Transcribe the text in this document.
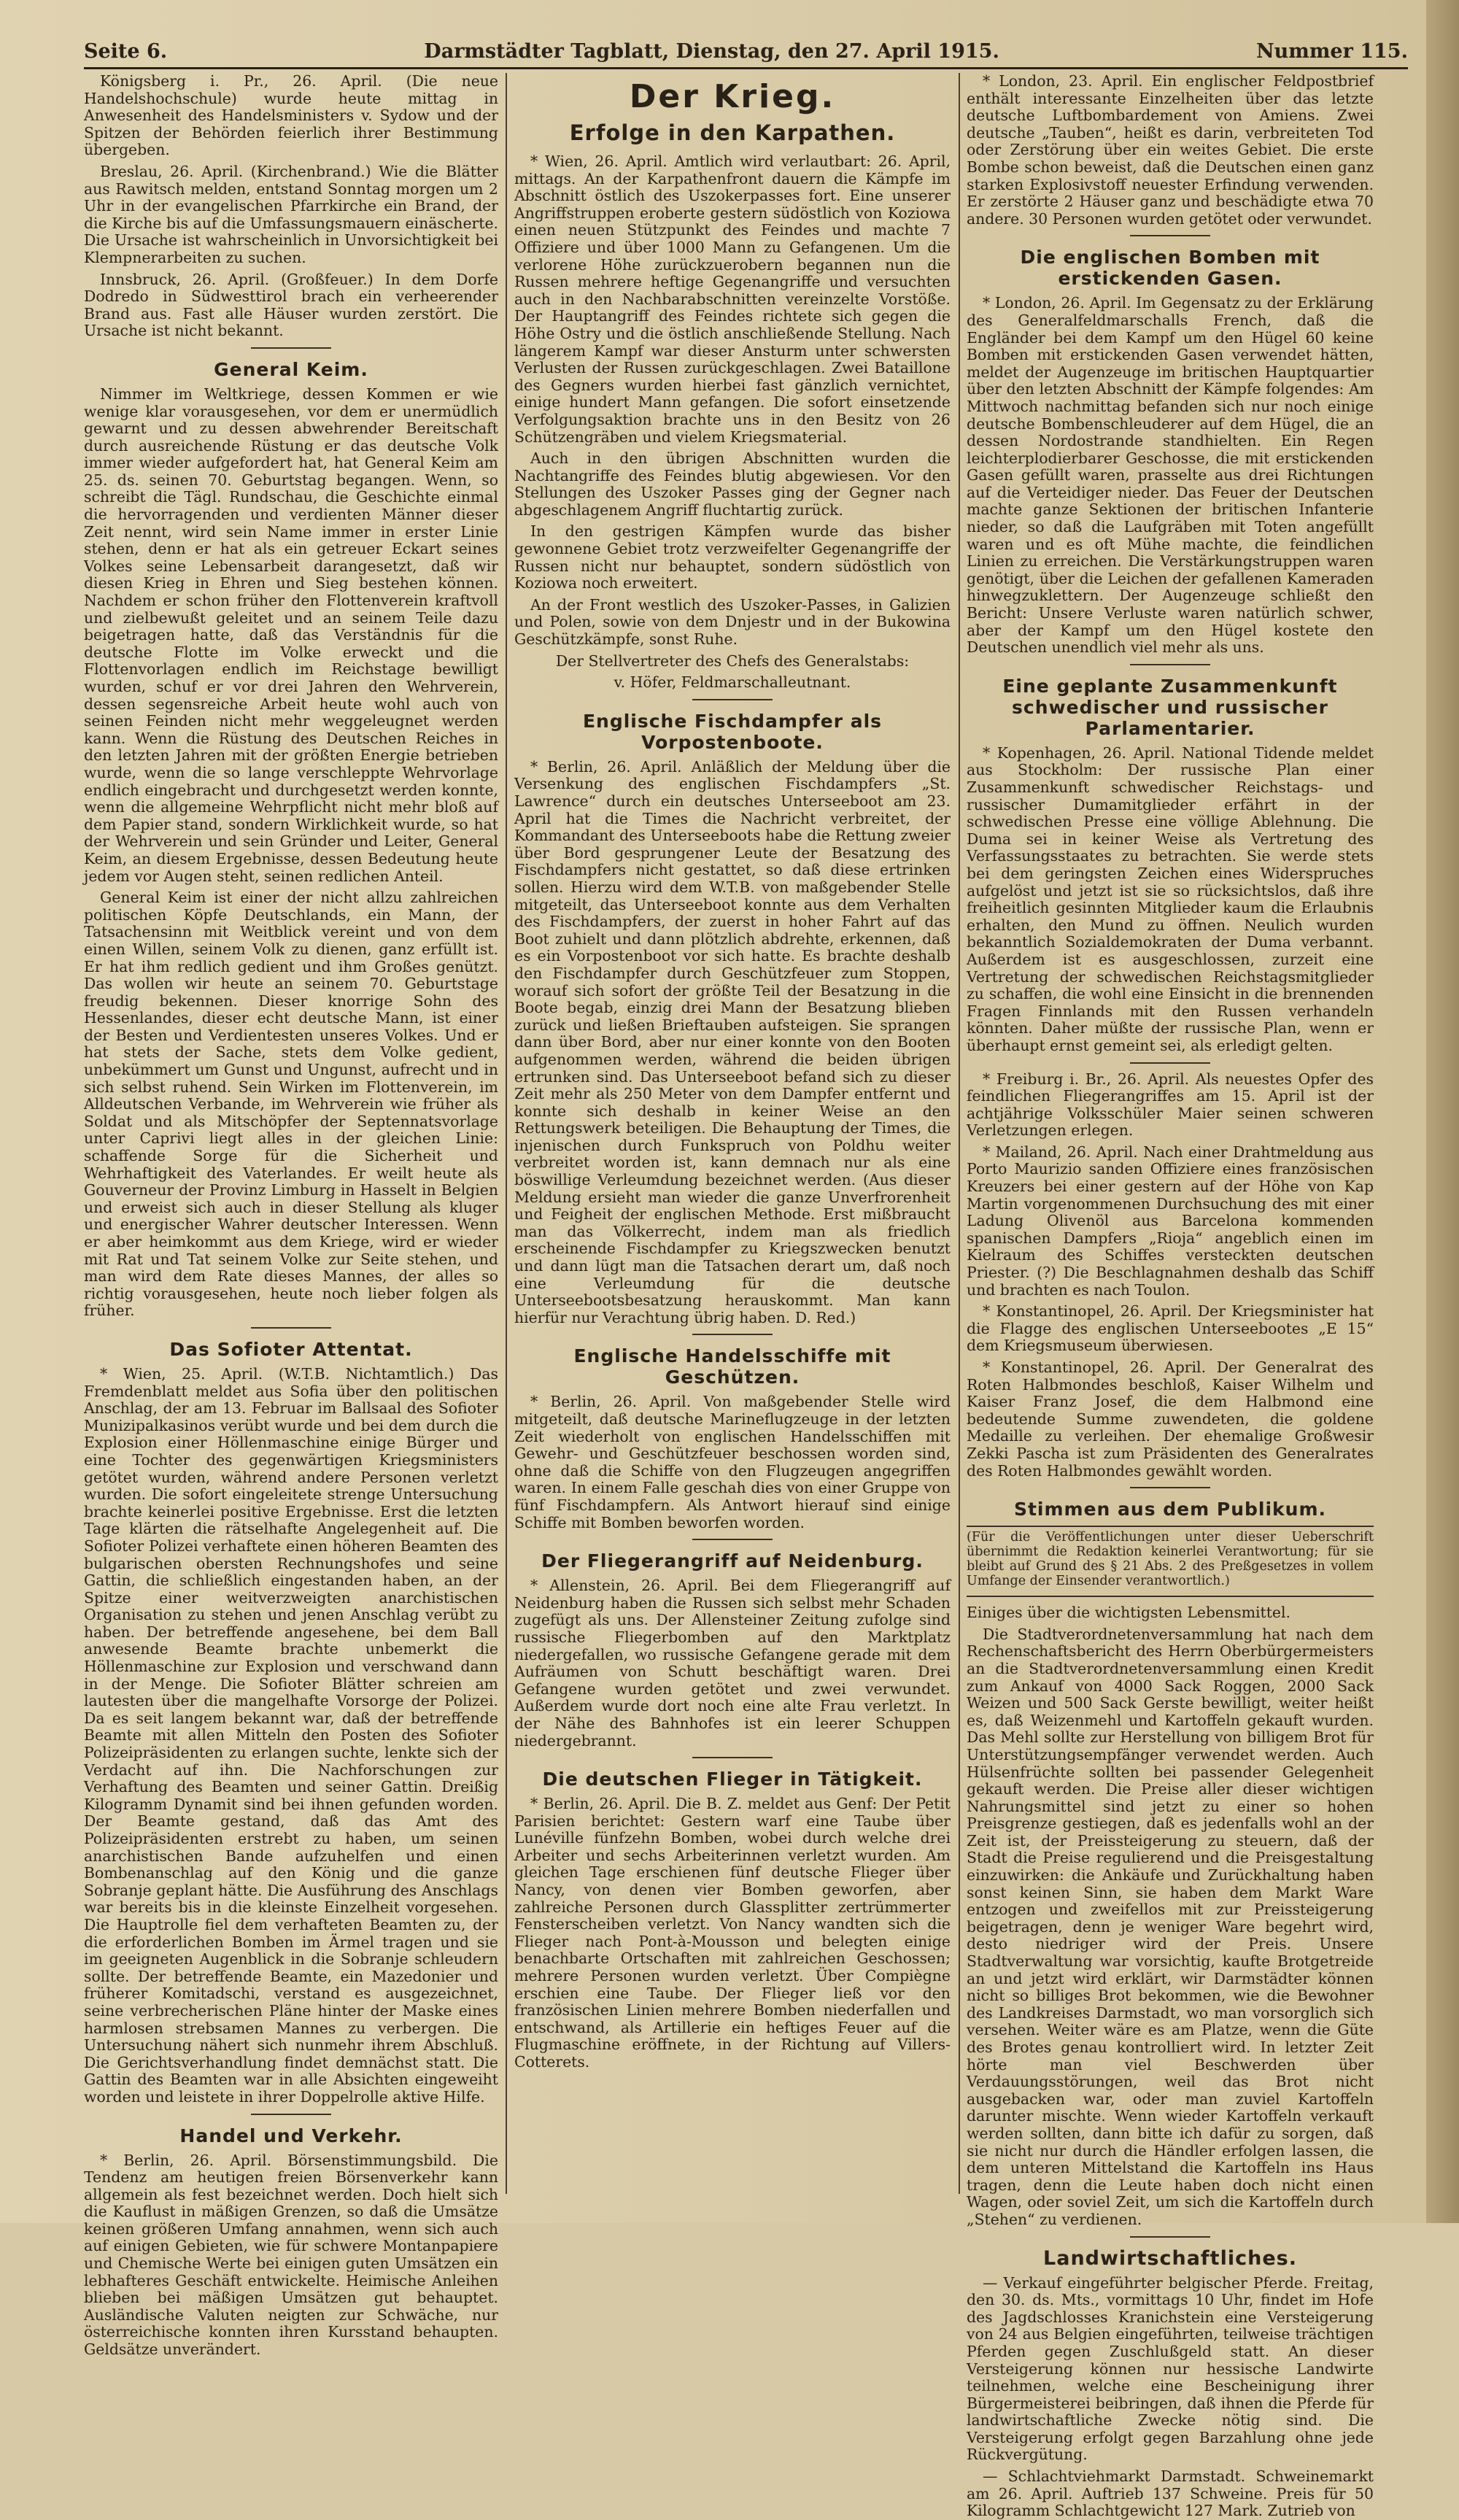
Seite 6.	Darmstädter Tagblatt, Dienstag, den 27. April 1915.	Nummer 115.

Königsberg i. Pr., 26. April. (Die neue Handelshochschule) wurde heute mittag in Anwesenheit des Handelsministers v. Sydow und der Spitzen der Behörden feierlich ihrer Bestimmung übergeben.

Breslau, 26. April. (Kirchenbrand.) Wie die Blätter aus Rawitsch melden, entstand Sonntag morgen um 2 Uhr in der evangelischen Pfarrkirche ein Brand, der die Kirche bis auf die Umfassungsmauern einäscherte. Die Ursache ist wahrscheinlich in Unvorsichtigkeit bei Klempnerarbeiten zu suchen.

Innsbruck, 26. April. (Großfeuer.) In dem Dorfe Dodredo in Südwesttirol brach ein verheerender Brand aus. Fast alle Häuser wurden zerstört. Die Ursache ist nicht bekannt.

General Keim.

Nimmer im Weltkriege, dessen Kommen er wie wenige klar vorausgesehen, vor dem er unermüdlich gewarnt und zu dessen abwehrender Bereitschaft durch ausreichende Rüstung er das deutsche Volk immer wieder aufgefordert hat, hat General Keim am 25. ds. seinen 70. Geburtstag begangen. Wenn, so schreibt die Tägl. Rundschau, die Geschichte einmal die hervorragenden und verdienten Männer dieser Zeit nennt, wird sein Name immer in erster Linie stehen, denn er hat als ein getreuer Eckart seines Volkes seine Lebensarbeit darangesetzt, daß wir diesen Krieg in Ehren und Sieg bestehen können. Nachdem er schon früher den Flottenverein kraftvoll und zielbewußt geleitet und an seinem Teile dazu beigetragen hatte, daß das Verständnis für die deutsche Flotte im Volke erweckt und die Flottenvorlagen endlich im Reichstage bewilligt wurden, schuf er vor drei Jahren den Wehrverein, dessen segensreiche Arbeit heute wohl auch von seinen Feinden nicht mehr weggeleugnet werden kann. Wenn die Rüstung des Deutschen Reiches in den letzten Jahren mit der größten Energie betrieben wurde, wenn die so lange verschleppte Wehrvorlage endlich eingebracht und durchgesetzt werden konnte, wenn die allgemeine Wehrpflicht nicht mehr bloß auf dem Papier stand, sondern Wirklichkeit wurde, so hat der Wehrverein und sein Gründer und Leiter, General Keim, an diesem Ergebnisse, dessen Bedeutung heute jedem vor Augen steht, seinen redlichen Anteil.

General Keim ist einer der nicht allzu zahlreichen politischen Köpfe Deutschlands, ein Mann, der Tatsachensinn mit Weitblick vereint und von dem einen Willen, seinem Volk zu dienen, ganz erfüllt ist. Er hat ihm redlich gedient und ihm Großes genützt. Das wollen wir heute an seinem 70. Geburtstage freudig bekennen. Dieser knorrige Sohn des Hessenlandes, dieser echt deutsche Mann, ist einer der Besten und Verdientesten unseres Volkes. Und er hat stets der Sache, stets dem Volke gedient, unbekümmert um Gunst und Ungunst, aufrecht und in sich selbst ruhend. Sein Wirken im Flottenverein, im Alldeutschen Verbande, im Wehrverein wie früher als Soldat und als Mitschöpfer der Septennatsvorlage unter Caprivi liegt alles in der gleichen Linie: schaffende Sorge für die Sicherheit und Wehrhaftigkeit des Vaterlandes. Er weilt heute als Gouverneur der Provinz Limburg in Hasselt in Belgien und erweist sich auch in dieser Stellung als kluger und energischer Wahrer deutscher Interessen. Wenn er aber heimkommt aus dem Kriege, wird er wieder mit Rat und Tat seinem Volke zur Seite stehen, und man wird dem Rate dieses Mannes, der alles so richtig vorausgesehen, heute noch lieber folgen als früher.

Das Sofioter Attentat.

* Wien, 25. April. (W.T.B. Nichtamtlich.) Das Fremdenblatt meldet aus Sofia über den politischen Anschlag, der am 13. Februar im Ballsaal des Sofioter Munizipalkasinos verübt wurde und bei dem durch die Explosion einer Höllenmaschine einige Bürger und eine Tochter des gegenwärtigen Kriegsministers getötet wurden, während andere Personen verletzt wurden. Die sofort eingeleitete strenge Untersuchung brachte keinerlei positive Ergebnisse. Erst die letzten Tage klärten die rätselhafte Angelegenheit auf. Die Sofioter Polizei verhaftete einen höheren Beamten des bulgarischen obersten Rechnungshofes und seine Gattin, die schließlich eingestanden haben, an der Spitze einer weitverzweigten anarchistischen Organisation zu stehen und jenen Anschlag verübt zu haben. Der betreffende angesehene, bei dem Ball anwesende Beamte brachte unbemerkt die Höllenmaschine zur Explosion und verschwand dann in der Menge. Die Sofioter Blätter schreien am lautesten über die mangelhafte Vorsorge der Polizei. Da es seit langem bekannt war, daß der betreffende Beamte mit allen Mitteln den Posten des Sofioter Polizeipräsidenten zu erlangen suchte, lenkte sich der Verdacht auf ihn. Die Nachforschungen zur Verhaftung des Beamten und seiner Gattin. Dreißig Kilogramm Dynamit sind bei ihnen gefunden worden. Der Beamte gestand, daß das Amt des Polizeipräsidenten erstrebt zu haben, um seinen anarchistischen Bande aufzuhelfen und einen Bombenanschlag auf den König und die ganze Sobranje geplant hätte. Die Ausführung des Anschlags war bereits bis in die kleinste Einzelheit vorgesehen. Die Hauptrolle fiel dem verhafteten Beamten zu, der die erforderlichen Bomben im Ärmel tragen und sie im geeigneten Augenblick in die Sobranje schleudern sollte. Der betreffende Beamte, ein Mazedonier und früherer Komitadschi, verstand es ausgezeichnet, seine verbrecherischen Pläne hinter der Maske eines harmlosen strebsamen Mannes zu verbergen. Die Untersuchung nähert sich nunmehr ihrem Abschluß. Die Gerichtsverhandlung findet demnächst statt. Die Gattin des Beamten war in alle Absichten eingeweiht worden und leistete in ihrer Doppelrolle aktive Hilfe.

Handel und Verkehr.

* Berlin, 26. April. Börsenstimmungsbild. Die Tendenz am heutigen freien Börsenverkehr kann allgemein als fest bezeichnet werden. Doch hielt sich die Kauflust in mäßigen Grenzen, so daß die Umsätze keinen größeren Umfang annahmen, wenn sich auch auf einigen Gebieten, wie für schwere Montanpapiere und Chemische Werte bei einigen guten Umsätzen ein lebhafteres Geschäft entwickelte. Heimische Anleihen blieben bei mäßigen Umsätzen gut behauptet. Ausländische Valuten neigten zur Schwäche, nur österreichische konnten ihren Kursstand behaupten. Geldsätze unverändert.

Der Krieg.
Erfolge in den Karpathen.

* Wien, 26. April. Amtlich wird verlautbart: 26. April, mittags. An der Karpathenfront dauern die Kämpfe im Abschnitt östlich des Uszokerpasses fort. Eine unserer Angriffstruppen eroberte gestern südöstlich von Koziowa einen neuen Stützpunkt des Feindes und machte 7 Offiziere und über 1000 Mann zu Gefangenen. Um die verlorene Höhe zurückzuerobern begannen nun die Russen mehrere heftige Gegenangriffe und versuchten auch in den Nachbarabschnitten vereinzelte Vorstöße. Der Hauptangriff des Feindes richtete sich gegen die Höhe Ostry und die östlich anschließende Stellung. Nach längerem Kampf war dieser Ansturm unter schwersten Verlusten der Russen zurückgeschlagen. Zwei Bataillone des Gegners wurden hierbei fast gänzlich vernichtet, einige hundert Mann gefangen. Die sofort einsetzende Verfolgungsaktion brachte uns in den Besitz von 26 Schützengräben und vielem Kriegsmaterial.

Auch in den übrigen Abschnitten wurden die Nachtangriffe des Feindes blutig abgewiesen. Vor den Stellungen des Uszoker Passes ging der Gegner nach abgeschlagenem Angriff fluchtartig zurück.

In den gestrigen Kämpfen wurde das bisher gewonnene Gebiet trotz verzweifelter Gegenangriffe der Russen nicht nur behauptet, sondern südöstlich von Koziowa noch erweitert.

An der Front westlich des Uszoker-Passes, in Galizien und Polen, sowie von dem Dnjestr und in der Bukowina Geschützkämpfe, sonst Ruhe.

Der Stellvertreter des Chefs des Generalstabs:

v. Höfer, Feldmarschalleutnant.

Englische Fischdampfer als Vorpostenboote.

* Berlin, 26. April. Anläßlich der Meldung über die Versenkung des englischen Fischdampfers „St. Lawrence“ durch ein deutsches Unterseeboot am 23. April hat die Times die Nachricht verbreitet, der Kommandant des Unterseeboots habe die Rettung zweier über Bord gesprungener Leute der Besatzung des Fischdampfers nicht gestattet, so daß diese ertrinken sollen. Hierzu wird dem W.T.B. von maßgebender Stelle mitgeteilt, das Unterseeboot konnte aus dem Verhalten des Fischdampfers, der zuerst in hoher Fahrt auf das Boot zuhielt und dann plötzlich abdrehte, erkennen, daß es ein Vorpostenboot vor sich hatte. Es brachte deshalb den Fischdampfer durch Geschützfeuer zum Stoppen, worauf sich sofort der größte Teil der Besatzung in die Boote begab, einzig drei Mann der Besatzung blieben zurück und ließen Brieftauben aufsteigen. Sie sprangen dann über Bord, aber nur einer konnte von den Booten aufgenommen werden, während die beiden übrigen ertrunken sind. Das Unterseeboot befand sich zu dieser Zeit mehr als 250 Meter von dem Dampfer entfernt und konnte sich deshalb in keiner Weise an den Rettungswerk beteiligen. Die Behauptung der Times, die injenischen durch Funkspruch von Poldhu weiter verbreitet worden ist, kann demnach nur als eine böswillige Verleumdung bezeichnet werden. (Aus dieser Meldung ersieht man wieder die ganze Unverfrorenheit und Feigheit der englischen Methode. Erst mißbraucht man das Völkerrecht, indem man als friedlich erscheinende Fischdampfer zu Kriegszwecken benutzt und dann lügt man die Tatsachen derart um, daß noch eine Verleumdung für die deutsche Unterseebootsbesatzung herauskommt. Man kann hierfür nur Verachtung übrig haben. D. Red.)

Englische Handelsschiffe mit Geschützen.

* Berlin, 26. April. Von maßgebender Stelle wird mitgeteilt, daß deutsche Marineflugzeuge in der letzten Zeit wiederholt von englischen Handelsschiffen mit Gewehr- und Geschützfeuer beschossen worden sind, ohne daß die Schiffe von den Flugzeugen angegriffen waren. In einem Falle geschah dies von einer Gruppe von fünf Fischdampfern. Als Antwort hierauf sind einige Schiffe mit Bomben beworfen worden.

Der Fliegerangriff auf Neidenburg.

* Allenstein, 26. April. Bei dem Fliegerangriff auf Neidenburg haben die Russen sich selbst mehr Schaden zugefügt als uns. Der Allensteiner Zeitung zufolge sind russische Fliegerbomben auf den Marktplatz niedergefallen, wo russische Gefangene gerade mit dem Aufräumen von Schutt beschäftigt waren. Drei Gefangene wurden getötet und zwei verwundet. Außerdem wurde dort noch eine alte Frau verletzt. In der Nähe des Bahnhofes ist ein leerer Schuppen niedergebrannt.

Die deutschen Flieger in Tätigkeit.

* Berlin, 26. April. Die B. Z. meldet aus Genf: Der Petit Parisien berichtet: Gestern warf eine Taube über Lunéville fünfzehn Bomben, wobei durch welche drei Arbeiter und sechs Arbeiterinnen verletzt wurden. Am gleichen Tage erschienen fünf deutsche Flieger über Nancy, von denen vier Bomben geworfen, aber zahlreiche Personen durch Glassplitter zertrümmerter Fensterscheiben verletzt. Von Nancy wandten sich die Flieger nach Pont-à-Mousson und belegten einige benachbarte Ortschaften mit zahlreichen Geschossen; mehrere Personen wurden verletzt. Über Compiègne erschien eine Taube. Der Flieger ließ vor den französischen Linien mehrere Bomben niederfallen und entschwand, als Artillerie ein heftiges Feuer auf die Flugmaschine eröffnete, in der Richtung auf Villers-Cotterets.

* London, 23. April. Ein englischer Feldpostbrief enthält interessante Einzelheiten über das letzte deutsche Luftbombardement von Amiens. Zwei deutsche „Tauben“, heißt es darin, verbreiteten Tod oder Zerstörung über ein weites Gebiet. Die erste Bombe schon beweist, daß die Deutschen einen ganz starken Explosivstoff neuester Erfindung verwenden. Er zerstörte 2 Häuser ganz und beschädigte etwa 70 andere. 30 Personen wurden getötet oder verwundet.

Die englischen Bomben mit erstickenden Gasen.

* London, 26. April. Im Gegensatz zu der Erklärung des Generalfeldmarschalls French, daß die Engländer bei dem Kampf um den Hügel 60 keine Bomben mit erstickenden Gasen verwendet hätten, meldet der Augenzeuge im britischen Hauptquartier über den letzten Abschnitt der Kämpfe folgendes: Am Mittwoch nachmittag befanden sich nur noch einige deutsche Bombenschleuderer auf dem Hügel, die an dessen Nordostrande standhielten. Ein Regen leichterplodierbarer Geschosse, die mit erstickenden Gasen gefüllt waren, prasselte aus drei Richtungen auf die Verteidiger nieder. Das Feuer der Deutschen machte ganze Sektionen der britischen Infanterie nieder, so daß die Laufgräben mit Toten angefüllt waren und es oft Mühe machte, die feindlichen Linien zu erreichen. Die Verstärkungstruppen waren genötigt, über die Leichen der gefallenen Kameraden hinwegzuklettern. Der Augenzeuge schließt den Bericht: Unsere Verluste waren natürlich schwer, aber der Kampf um den Hügel kostete den Deutschen unendlich viel mehr als uns.

Eine geplante Zusammenkunft schwedischer und russischer Parlamentarier.

* Kopenhagen, 26. April. National Tidende meldet aus Stockholm: Der russische Plan einer Zusammenkunft schwedischer Reichstags- und russischer Dumamitglieder erfährt in der schwedischen Presse eine völlige Ablehnung. Die Duma sei in keiner Weise als Vertretung des Verfassungsstaates zu betrachten. Sie werde stets bei dem geringsten Zeichen eines Widerspruches aufgelöst und jetzt ist sie so rücksichtslos, daß ihre freiheitlich gesinnten Mitglieder kaum die Erlaubnis erhalten, den Mund zu öffnen. Neulich wurden bekanntlich Sozialdemokraten der Duma verbannt. Außerdem ist es ausgeschlossen, zurzeit eine Vertretung der schwedischen Reichstagsmitglieder zu schaffen, die wohl eine Einsicht in die brennenden Fragen Finnlands mit den Russen verhandeln könnten. Daher müßte der russische Plan, wenn er überhaupt ernst gemeint sei, als erledigt gelten.

* Freiburg i. Br., 26. April. Als neuestes Opfer des feindlichen Fliegerangriffes am 15. April ist der achtjährige Volksschüler Maier seinen schweren Verletzungen erlegen.

* Mailand, 26. April. Nach einer Drahtmeldung aus Porto Maurizio sanden Offiziere eines französischen Kreuzers bei einer gestern auf der Höhe von Kap Martin vorgenommenen Durchsuchung des mit einer Ladung Olivenöl aus Barcelona kommenden spanischen Dampfers „Rioja“ angeblich einen im Kielraum des Schiffes versteckten deutschen Priester. (?) Die Beschlagnahmen deshalb das Schiff und brachten es nach Toulon.

* Konstantinopel, 26. April. Der Kriegsminister hat die Flagge des englischen Unterseebootes „E 15“ dem Kriegsmuseum überwiesen.

* Konstantinopel, 26. April. Der Generalrat des Roten Halbmondes beschloß, Kaiser Wilhelm und Kaiser Franz Josef, die dem Halbmond eine bedeutende Summe zuwendeten, die goldene Medaille zu verleihen. Der ehemalige Großwesir Zekki Pascha ist zum Präsidenten des Generalrates des Roten Halbmondes gewählt worden.

Stimmen aus dem Publikum.

(Für die Veröffentlichungen unter dieser Ueberschrift übernimmt die Redaktion keinerlei Verantwortung; für sie bleibt auf Grund des § 21 Abs. 2 des Preßgesetzes in vollem Umfange der Einsender verantwortlich.)

Einiges über die wichtigsten Lebensmittel.

Die Stadtverordnetenversammlung hat nach dem Rechenschaftsbericht des Herrn Oberbürgermeisters an die Stadtverordnetenversammlung einen Kredit zum Ankauf von 4000 Sack Roggen, 2000 Sack Weizen und 500 Sack Gerste bewilligt, weiter heißt es, daß Weizenmehl und Kartoffeln gekauft wurden. Das Mehl sollte zur Herstellung von billigem Brot für Unterstützungsempfänger verwendet werden. Auch Hülsenfrüchte sollten bei passender Gelegenheit gekauft werden. Die Preise aller dieser wichtigen Nahrungsmittel sind jetzt zu einer so hohen Preisgrenze gestiegen, daß es jedenfalls wohl an der Zeit ist, der Preissteigerung zu steuern, daß der Stadt die Preise regulierend und die Preisgestaltung einzuwirken: die Ankäufe und Zurückhaltung haben sonst keinen Sinn, sie haben dem Markt Ware entzogen und zweifellos mit zur Preissteigerung beigetragen, denn je weniger Ware begehrt wird, desto niedriger wird der Preis. Unsere Stadtverwaltung war vorsichtig, kaufte Brotgetreide an und jetzt wird erklärt, wir Darmstädter können nicht so billiges Brot bekommen, wie die Bewohner des Landkreises Darmstadt, wo man vorsorglich sich versehen. Weiter wäre es am Platze, wenn die Güte des Brotes genau kontrolliert wird. In letzter Zeit hörte man viel Beschwerden über Verdauungsstörungen, weil das Brot nicht ausgebacken war, oder man zuviel Kartoffeln darunter mischte. Wenn wieder Kartoffeln verkauft werden sollten, dann bitte ich dafür zu sorgen, daß sie nicht nur durch die Händler erfolgen lassen, die dem unteren Mittelstand die Kartoffeln ins Haus tragen, denn die Leute haben doch nicht einen Wagen, oder soviel Zeit, um sich die Kartoffeln durch „Stehen“ zu verdienen.

Landwirtschaftliches.

— Verkauf eingeführter belgischer Pferde. Freitag, den 30. ds. Mts., vormittags 10 Uhr, findet im Hofe des Jagdschlosses Kranichstein eine Versteigerung von 24 aus Belgien eingeführten, teilweise trächtigen Pferden gegen Zuschlußgeld statt. An dieser Versteigerung können nur hessische Landwirte teilnehmen, welche eine Bescheinigung ihrer Bürgermeisterei beibringen, daß ihnen die Pferde für landwirtschaftliche Zwecke nötig sind. Die Versteigerung erfolgt gegen Barzahlung ohne jede Rückvergütung.

— Schlachtviehmarkt Darmstadt. Schweinemarkt am 26. April. Auftrieb 137 Schweine. Preis für 50 Kilogramm Schlachtgewicht 127 Mark. Zutrieb von
